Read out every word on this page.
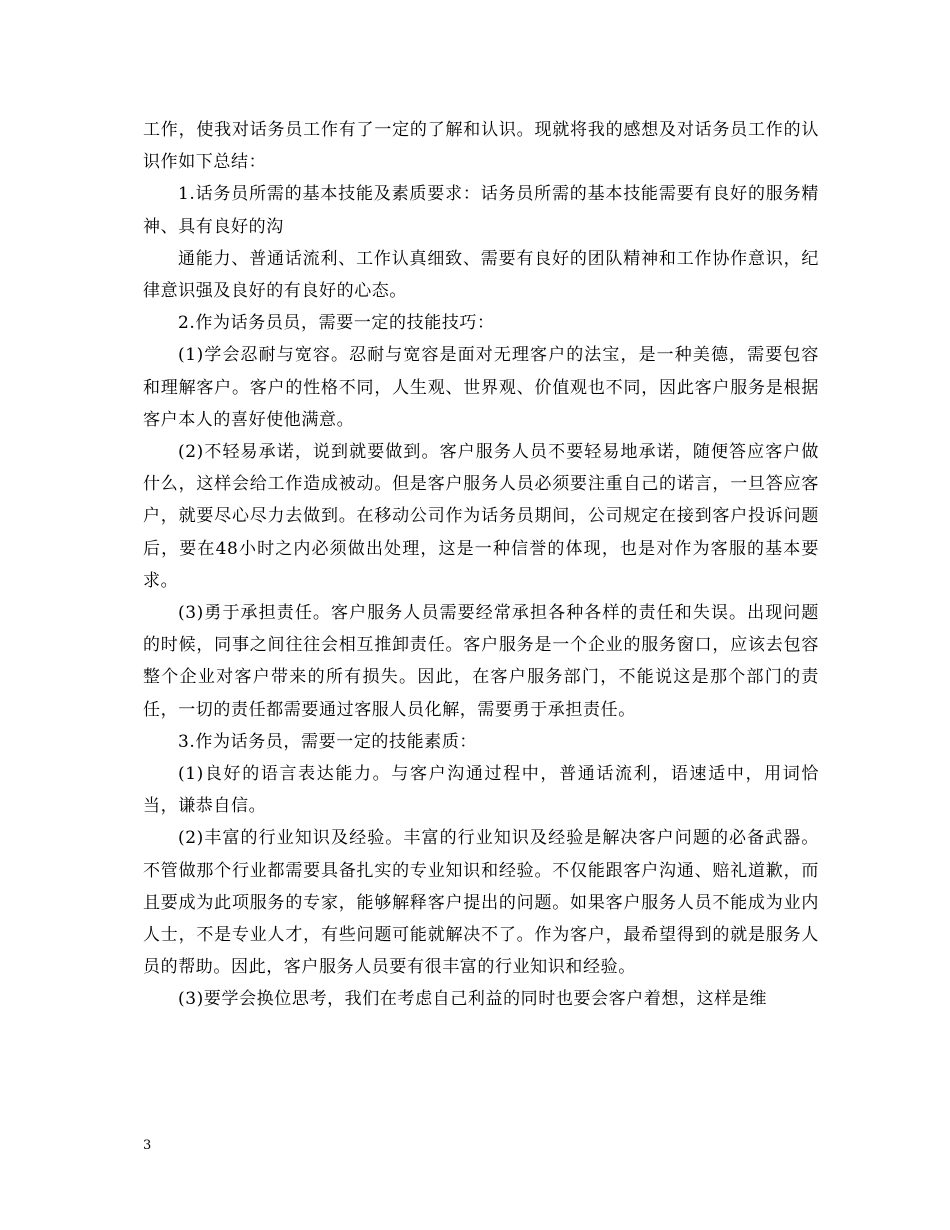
工作，使我对话务员工作有了一定的了解和认识。现就将我的感想及对话务员工作的认识作如下总结：

1.话务员所需的基本技能及素质要求：话务员所需的基本技能需要有良好的服务精神、具有良好的沟

通能力、普通话流利、工作认真细致、需要有良好的团队精神和工作协作意识，纪律意识强及良好的有良好的心态。

2.作为话务员员，需要一定的技能技巧：

(1)学会忍耐与宽容。忍耐与宽容是面对无理客户的法宝，是一种美德，需要包容和理解客户。客户的性格不同，人生观、世界观、价值观也不同，因此客户服务是根据客户本人的喜好使他满意。

(2)不轻易承诺，说到就要做到。客户服务人员不要轻易地承诺，随便答应客户做什么，这样会给工作造成被动。但是客户服务人员必须要注重自己的诺言，一旦答应客户，就要尽心尽力去做到。在移动公司作为话务员期间，公司规定在接到客户投诉问题后，要在48小时之内必须做出处理，这是一种信誉的体现，也是对作为客服的基本要求。

(3)勇于承担责任。客户服务人员需要经常承担各种各样的责任和失误。出现问题的时候，同事之间往往会相互推卸责任。客户服务是一个企业的服务窗口，应该去包容整个企业对客户带来的所有损失。因此，在客户服务部门，不能说这是那个部门的责任，一切的责任都需要通过客服人员化解，需要勇于承担责任。

3.作为话务员，需要一定的技能素质：

(1)良好的语言表达能力。与客户沟通过程中，普通话流利，语速适中，用词恰当，谦恭自信。

(2)丰富的行业知识及经验。丰富的行业知识及经验是解决客户问题的必备武器。不管做那个行业都需要具备扎实的专业知识和经验。不仅能跟客户沟通、赔礼道歉，而且要成为此项服务的专家，能够解释客户提出的问题。如果客户服务人员不能成为业内人士，不是专业人才，有些问题可能就解决不了。作为客户，最希望得到的就是服务人员的帮助。因此，客户服务人员要有很丰富的行业知识和经验。

(3)要学会换位思考，我们在考虑自己利益的同时也要会客户着想，这样是维

3
